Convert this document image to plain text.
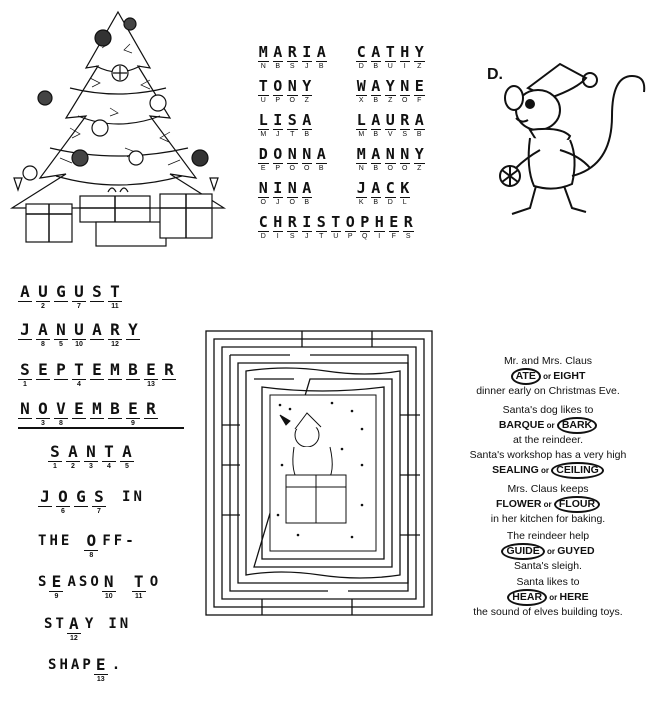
M
N
A
B
R
S
I
J
A
B
C
D
A
B
T
U
H
I
Y
Z
T
U
O
P
N
O
Y
Z
W
X
A
B
Y
Z
N
O
E
F
L
M
I
J
S
T
A
B
L
M
A
B
U
V
R
S
A
B
D
E
O
P
N
O
N
O
A
B
M
N
A
B
N
O
N
O
Y
Z
N
O
I
J
N
O
A
B
J
K
A
B
C
D
K
L
C
D
H
I
R
S
I
J
S
T
T
U
O
P
P
Q
H
I
E
F
R
S
D.
A U
2
G U
7
S T
11
J A
8
N
5
U
10
A R
12
Y
S
1
E P T
4
E M B E
13
R
N O
3
V
8
E M B E
9
R
S
1
A
2
N
3
T
4
A
5
J O
6
G S
7
I N
T H E O
8
F F -
S E
9
A S O N
10
T
11
O
S T A
12
Y I N
S H A P E
13
.
Mr. and Mrs. Claus
ATE or EIGHT
dinner early on Christmas Eve.
Santa's dog likes to
BARQUE or BARK
at the reindeer.
Santa's workshop has a very high
SEALING or CEILING
Mrs. Claus keeps
FLOWER or FLOUR
in her kitchen for baking.
The reindeer help
GUIDE or GUYED
Santa's sleigh.
Santa likes to
HEAR or HERE
the sound of elves building toys.
